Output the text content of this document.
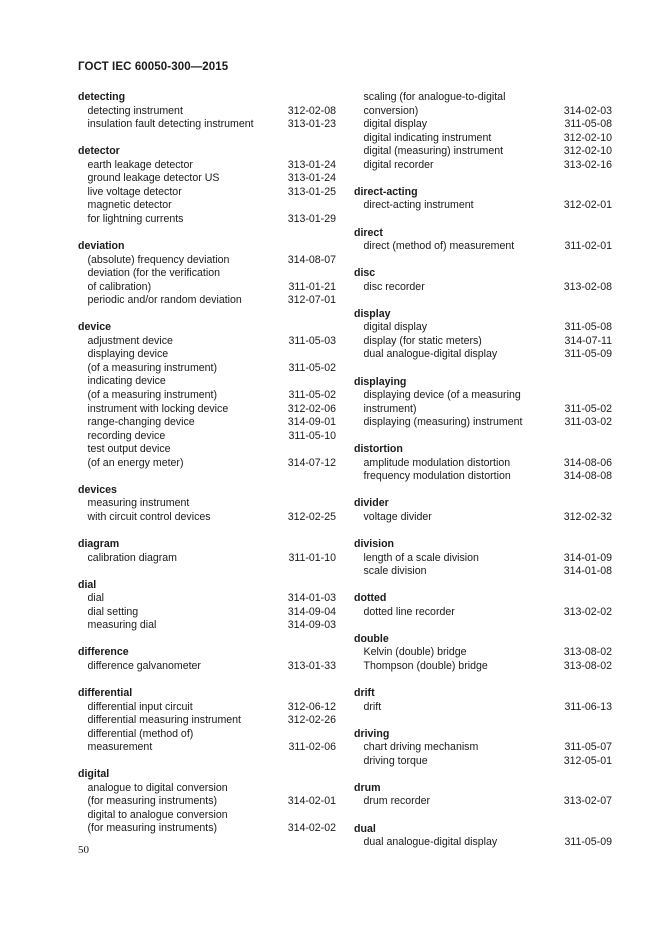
ГОСТ IEC 60050-300—2015
detecting
detecting instrument	312-02-08
insulation fault detecting instrument	313-01-23
detector
earth leakage detector	313-01-24
ground leakage detector US	313-01-24
live voltage detector	313-01-25
magnetic detector
for lightning currents	313-01-29
deviation
(absolute) frequency deviation	314-08-07
deviation (for the verification
of calibration)	311-01-21
periodic and/or random deviation	312-07-01
device
adjustment device	311-05-03
displaying device
(of a measuring instrument)	311-05-02
indicating device
(of a measuring instrument)	311-05-02
instrument with locking device	312-02-06
range-changing device	314-09-01
recording device	311-05-10
test output device
(of an energy meter)	314-07-12
devices
measuring instrument
with circuit control devices	312-02-25
diagram
calibration diagram	311-01-10
dial
dial	314-01-03
dial setting	314-09-04
measuring dial	314-09-03
difference
difference galvanometer	313-01-33
differential
differential input circuit	312-06-12
differential measuring instrument	312-02-26
differential (method of)
measurement	311-02-06
digital
analogue to digital conversion
(for measuring instruments)	314-02-01
digital to analogue conversion
(for measuring instruments)	314-02-02
scaling (for analogue-to-digital
conversion)	314-02-03
digital display	311-05-08
digital indicating instrument	312-02-10
digital (measuring) instrument	312-02-10
digital recorder	313-02-16
direct-acting
direct-acting instrument	312-02-01
direct
direct (method of) measurement	311-02-01
disc
disc recorder	313-02-08
display
digital display	311-05-08
display (for static meters)	314-07-11
dual analogue-digital display	311-05-09
displaying
displaying device (of a measuring
instrument)	311-05-02
displaying (measuring) instrument	311-03-02
distortion
amplitude modulation distortion	314-08-06
frequency modulation distortion	314-08-08
divider
voltage divider	312-02-32
division
length of a scale division	314-01-09
scale division	314-01-08
dotted
dotted line recorder	313-02-02
double
Kelvin (double) bridge	313-08-02
Thompson (double) bridge	313-08-02
drift
drift	311-06-13
driving
chart driving mechanism	311-05-07
driving torque	312-05-01
drum
drum recorder	313-02-07
dual
dual analogue-digital display	311-05-09
50
